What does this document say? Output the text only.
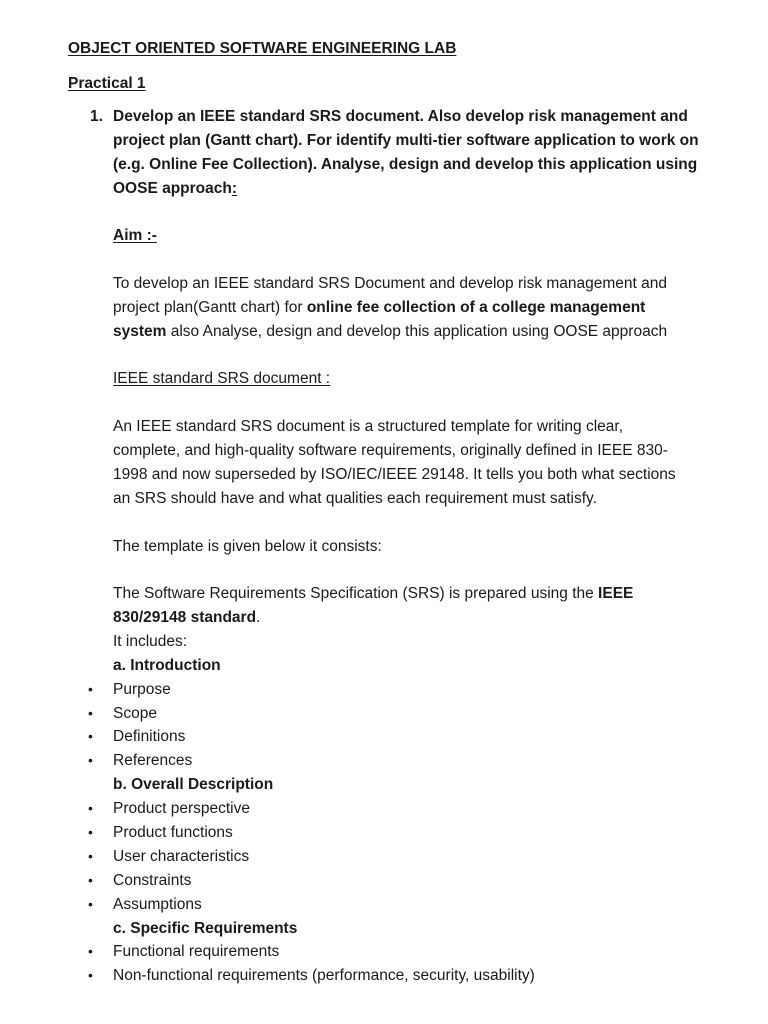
OBJECT ORIENTED SOFTWARE ENGINEERING LAB
Practical 1
1. Develop an IEEE standard SRS document. Also develop risk management and project plan (Gantt chart). For identify multi-tier software application to work on (e.g. Online Fee Collection). Analyse, design and develop this application using OOSE approach:
Aim :-
To develop an IEEE standard SRS Document and develop risk management and project plan(Gantt chart) for online fee collection of a college management system also Analyse, design and develop this application using OOSE approach
IEEE standard SRS document :
An IEEE standard SRS document is a structured template for writing clear, complete, and high-quality software requirements, originally defined in IEEE 830-1998 and now superseded by ISO/IEC/IEEE 29148. It tells you both what sections an SRS should have and what qualities each requirement must satisfy.
The template is given below it consists:
The Software Requirements Specification (SRS) is prepared using the IEEE 830/29148 standard.
It includes:
a. Introduction
• Purpose
• Scope
• Definitions
• References
b. Overall Description
• Product perspective
• Product functions
• User characteristics
• Constraints
• Assumptions
c. Specific Requirements
• Functional requirements
• Non-functional requirements (performance, security, usability)
